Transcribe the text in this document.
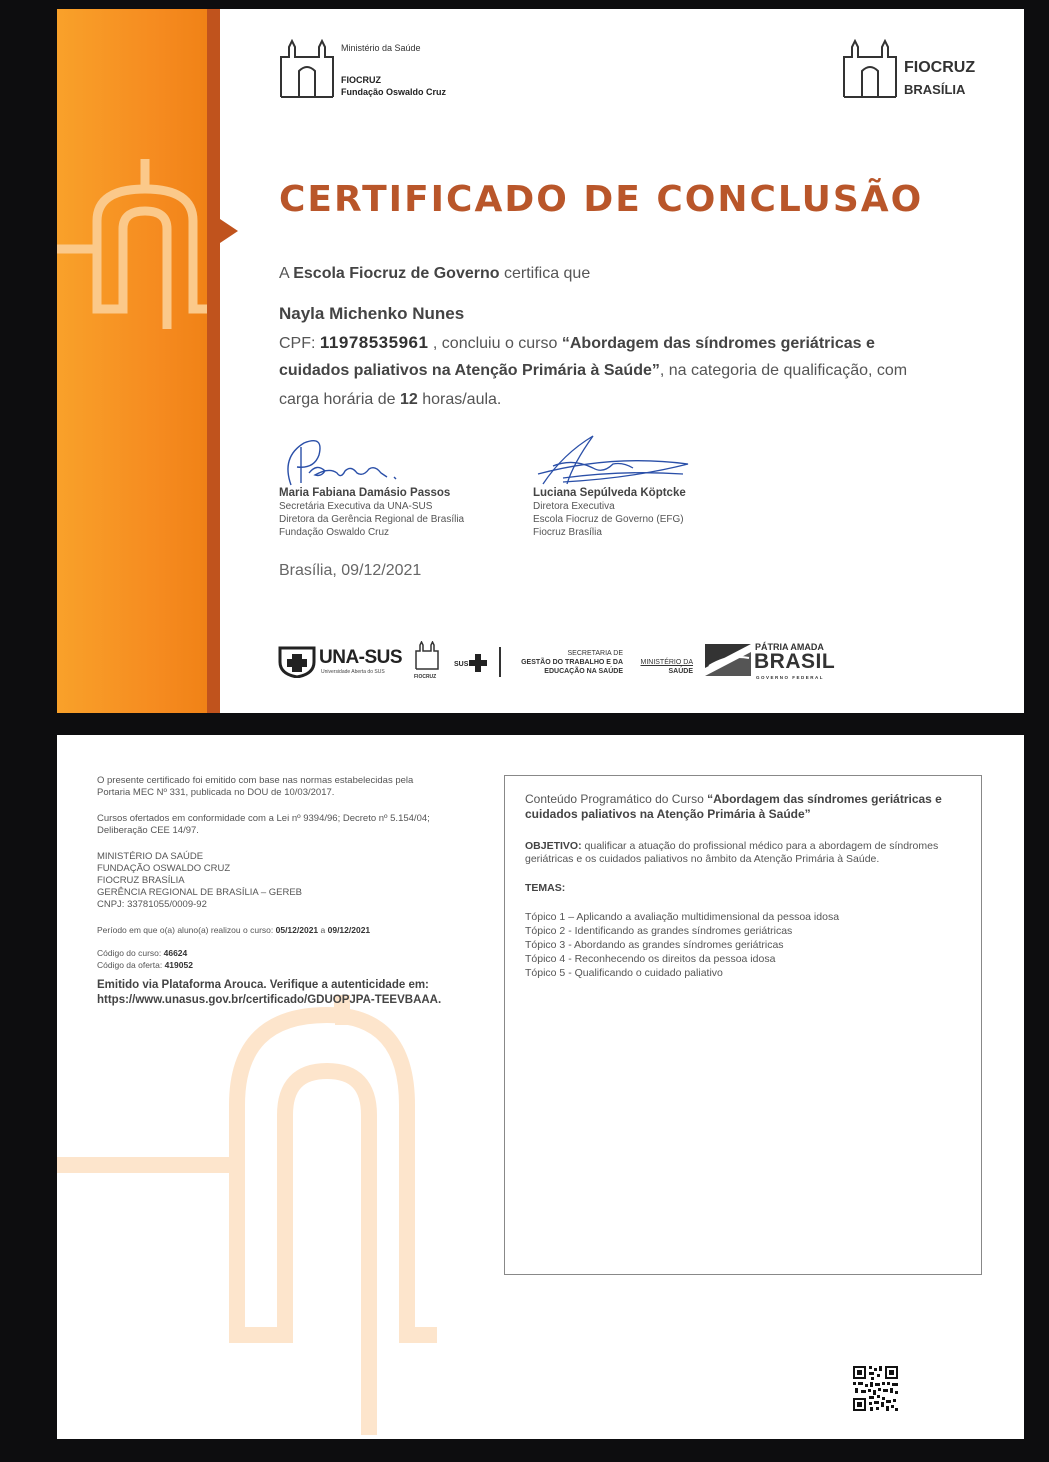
Ministério da Saúde
FIOCRUZ
Fundação Oswaldo Cruz
FIOCRUZ
BRASÍLIA
CERTIFICADO DE CONCLUSÃO
A Escola Fiocruz de Governo certifica que
Nayla Michenko Nunes
CPF: 11978535961 , concluiu o curso “Abordagem das síndromes geriátricas e
cuidados paliativos na Atenção Primária à Saúde”, na categoria de qualificação, com
carga horária de 12 horas/aula.
Maria Fabiana Damásio Passos
Secretária Executiva da UNA-SUS
Diretora da Gerência Regional de Brasília
Fundação Oswaldo Cruz
Luciana Sepúlveda Köptcke
Diretora Executiva
Escola Fiocruz de Governo (EFG)
Fiocruz Brasília
Brasília, 09/12/2021
UNA-SUS
Universidade Aberta do SUS
FIOCRUZ
SUS
SECRETARIA DE
GESTÃO DO TRABALHO E DA
EDUCAÇÃO NA SAÚDE
MINISTÉRIO DA
SAÚDE
PÁTRIA AMADA
BRASIL
GOVERNO FEDERAL
O presente certificado foi emitido com base nas normas estabelecidas pela
Portaria MEC Nº 331, publicada no DOU de 10/03/2017.
Cursos ofertados em conformidade com a Lei nº 9394/96; Decreto nº 5.154/04;
Deliberação CEE 14/97.
MINISTÉRIO DA SAÚDE
FUNDAÇÃO OSWALDO CRUZ
FIOCRUZ BRASÍLIA
GERÊNCIA REGIONAL DE BRASÍLIA – GEREB
CNPJ: 33781055/0009-92
Período em que o(a) aluno(a) realizou o curso: 05/12/2021 a 09/12/2021
Código do curso: 46624
Código da oferta: 419052
Emitido via Plataforma Arouca. Verifique a autenticidade em:
https://www.unasus.gov.br/certificado/GDUOPJPA-TEEVBAAA.
Conteúdo Programático do Curso “Abordagem das síndromes geriátricas e
cuidados paliativos na Atenção Primária à Saúde”
OBJETIVO: qualificar a atuação do profissional médico para a abordagem de síndromes
geriátricas e os cuidados paliativos no âmbito da Atenção Primária à Saúde.
TEMAS:
Tópico 1 – Aplicando a avaliação multidimensional da pessoa idosa
Tópico 2 - Identificando as grandes síndromes geriátricas
Tópico 3 - Abordando as grandes síndromes geriátricas
Tópico 4 - Reconhecendo os direitos da pessoa idosa
Tópico 5 - Qualificando o cuidado paliativo
